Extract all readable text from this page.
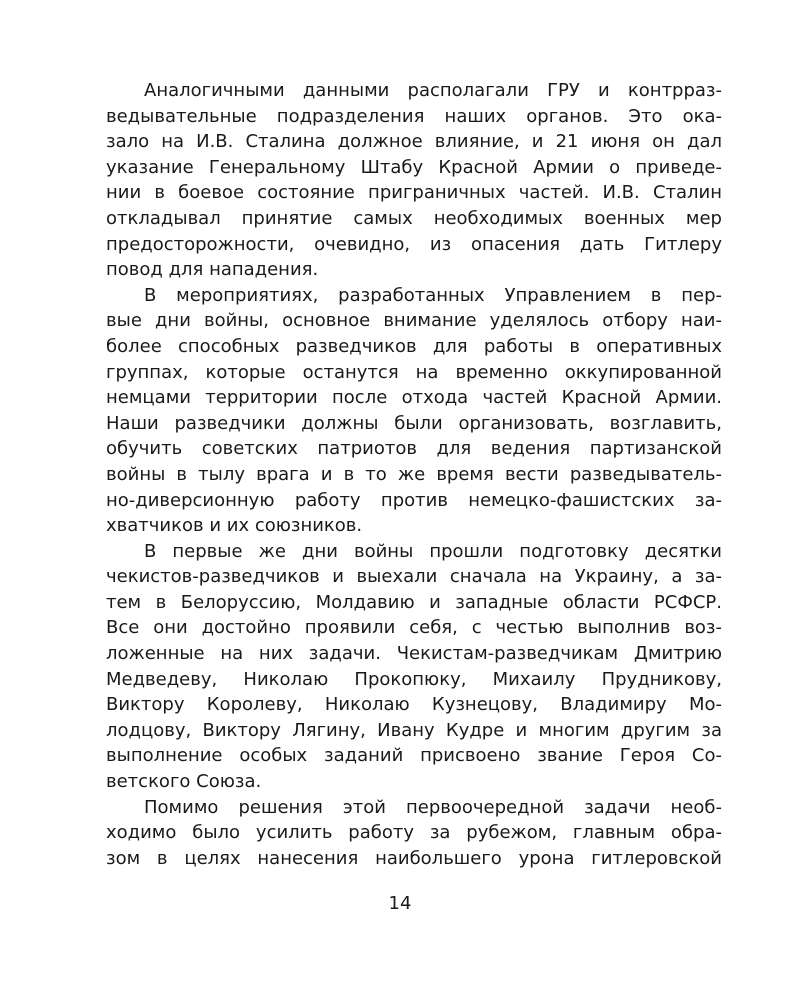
Аналогичными данными располагали ГРУ и контрраз-
ведывательные подразделения наших органов. Это ока-
зало на И.В. Сталина должное влияние, и 21 июня он дал
указание Генеральному Штабу Красной Армии о приведе-
нии в боевое состояние приграничных частей. И.В. Сталин
откладывал принятие самых необходимых военных мер
предосторожности, очевидно, из опасения дать Гитлеру
повод для нападения.
В мероприятиях, разработанных Управлением в пер-
вые дни войны, основное внимание уделялось отбору наи-
более способных разведчиков для работы в оперативных
группах, которые останутся на временно оккупированной
немцами территории после отхода частей Красной Армии.
Наши разведчики должны были организовать, возглавить,
обучить советских патриотов для ведения партизанской
войны в тылу врага и в то же время вести разведыватель-
но-диверсионную работу против немецко-фашистских за-
хватчиков и их союзников.
В первые же дни войны прошли подготовку десятки
чекистов-разведчиков и выехали сначала на Украину, а за-
тем в Белоруссию, Молдавию и западные области РСФСР.
Все они достойно проявили себя, с честью выполнив воз-
ложенные на них задачи. Чекистам-разведчикам Дмитрию
Медведеву, Николаю Прокопюку, Михаилу Прудникову,
Виктору Королеву, Николаю Кузнецову, Владимиру Мо-
лодцову, Виктору Лягину, Ивану Кудре и многим другим за
выполнение особых заданий присвоено звание Героя Со-
ветского Союза.
Помимо решения этой первоочередной задачи необ-
ходимо было усилить работу за рубежом, главным обра-
зом в целях нанесения наибольшего урона гитлеровской
14
